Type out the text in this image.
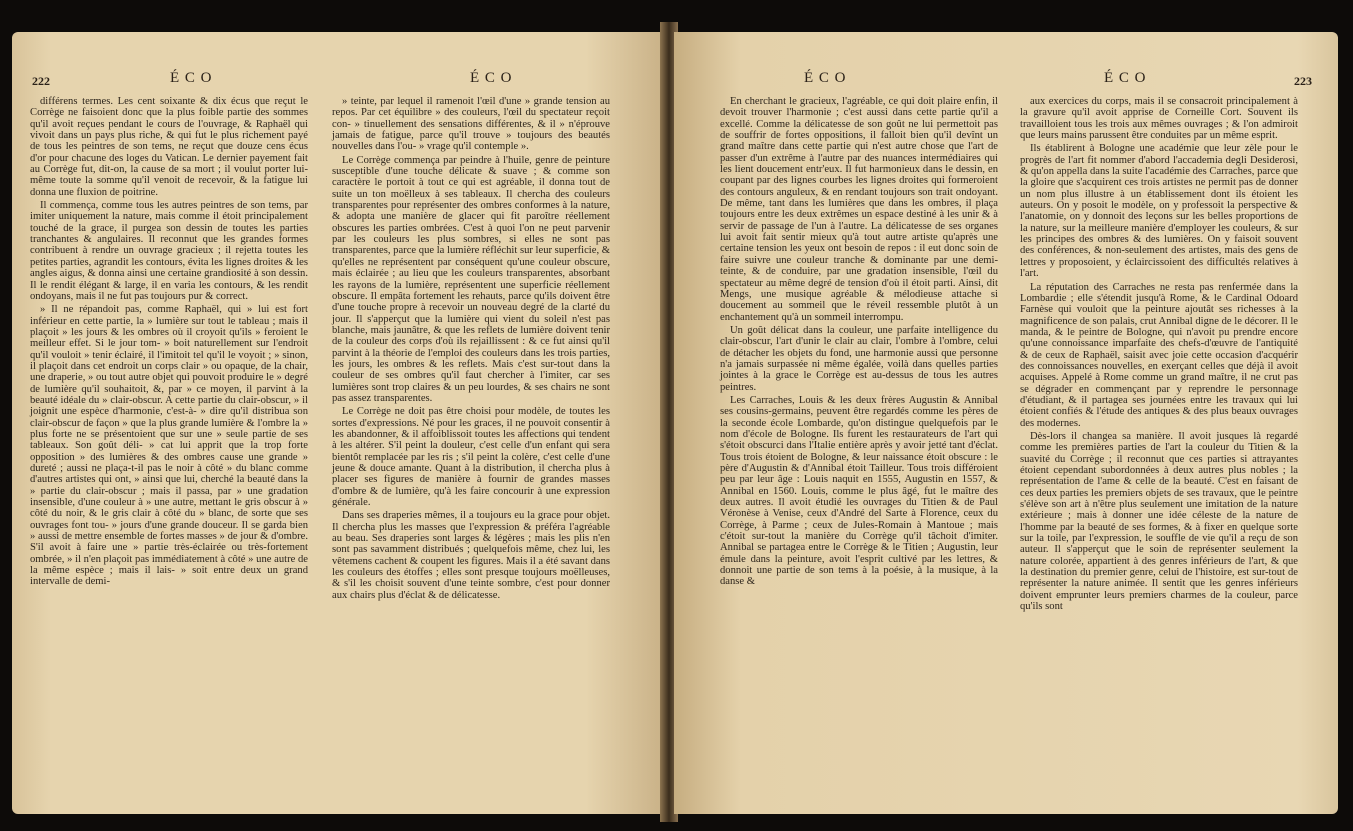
222	É C O	É C O

différens termes. Les cent soixante & dix écus que reçut le Corrège ne faisoient donc que la plus foible partie des sommes qu'il avoit reçues pendant le cours de l'ouvrage, & Raphaël qui vivoit dans un pays plus riche, & qui fut le plus richement payé de tous les peintres de son tems, ne reçut que douze cens écus d'or pour chacune des loges du Vatican. Le dernier payement fait au Corrège fut, dit-on, la cause de sa mort ; il voulut porter lui-même toute la somme qu'il venoit de recevoir, & la fatigue lui donna une fluxion de poitrine.

Il commença, comme tous les autres peintres de son tems, par imiter uniquement la nature, mais comme il étoit principalement touché de la grace, il purgea son dessin de toutes les parties tranchantes & angulaires. Il reconnut que les grandes formes contribuent à rendre un ouvrage gracieux ; il rejetta toutes les petites parties, agrandit les contours, évita les lignes droites & les angles aigus, & donna ainsi une certaine grandiosité à son dessin. Il le rendit élégant & large, il en varia les contours, & les rendit ondoyans, mais il ne fut pas toujours pur & correct.

» Il ne répandoit pas, comme Raphaël, qui » lui est fort inférieur en cette partie, la » lumière sur tout le tableau ; mais il plaçoit » les jours & les ombres où il croyoit qu'ils » feroient le meilleur effet. Si le jour tom- » boit naturellement sur l'endroit qu'il vouloit » tenir éclairé, il l'imitoit tel qu'il le voyoit ; » sinon, il plaçoit dans cet endroit un corps clair » ou opaque, de la chair, une draperie, » ou tout autre objet qui pouvoit produire le » degré de lumière qu'il souhaitoit, &, par » ce moyen, il parvint à la beauté idéale du » clair-obscur. A cette partie du clair-obscur, » il joignit une espèce d'harmonie, c'est-à- » dire qu'il distribua son clair-obscur de façon » que la plus grande lumière & l'ombre la » plus forte ne se présentoient que sur une » seule partie de ses tableaux. Son goût déli- » cat lui apprit que la trop forte opposition » des lumières & des ombres cause une grande » dureté ; aussi ne plaça-t-il pas le noir à côté » du blanc comme d'autres artistes qui ont, » ainsi que lui, cherché la beauté dans la » partie du clair-obscur ; mais il passa, par » une gradation insensible, d'une couleur à » une autre, mettant le gris obscur à » côté du noir, & le gris clair à côté du » blanc, de sorte que ses ouvrages font tou- » jours d'une grande douceur. Il se garda bien » aussi de mettre ensemble de fortes masses » de jour & d'ombre. S'il avoit à faire une » partie très-éclairée ou très-fortement ombrée, » il n'en plaçoit pas immédiatement à côté » une autre de la même espèce ; mais il lais- » soit entre deux un grand intervalle de demi-

» teinte, par lequel il ramenoit l'œil d'une » grande tension au repos. Par cet équilibre » des couleurs, l'œil du spectateur reçoit con- » tinuellement des sensations différentes, & il » n'éprouve jamais de fatigue, parce qu'il trouve » toujours des beautés nouvelles dans l'ou- » vrage qu'il contemple ».

Le Corrège commença par peindre à l'huile, genre de peinture susceptible d'une touche délicate & suave ; & comme son caractère le portoit à tout ce qui est agréable, il donna tout de suite un ton moëlleux à ses tableaux. Il chercha des couleurs transparentes pour représenter des ombres conformes à la nature, & adopta une manière de glacer qui fit paroître réellement obscures les parties ombrées. C'est à quoi l'on ne peut parvenir par les couleurs les plus sombres, si elles ne sont pas transparentes, parce que la lumière réfléchit sur leur superficie, & qu'elles ne représentent par conséquent qu'une couleur obscure, mais éclairée ; au lieu que les couleurs transparentes, absorbant les rayons de la lumière, représentent une superficie réellement obscure. Il empâta fortement les rehauts, parce qu'ils doivent être d'une touche propre à recevoir un nouveau degré de la clarté du jour. Il s'apperçut que la lumière qui vient du soleil n'est pas blanche, mais jaunâtre, & que les reflets de lumière doivent tenir de la couleur des corps d'où ils rejaillissent : & ce fut ainsi qu'il parvint à la théorie de l'emploi des couleurs dans les trois parties, les jours, les ombres & les reflets. Mais c'est sur-tout dans la couleur de ses ombres qu'il faut chercher à l'imiter, car ses lumières sont trop claires & un peu lourdes, & ses chairs ne sont pas assez transparentes.

Le Corrège ne doit pas être choisi pour modèle, de toutes les sortes d'expressions. Né pour les graces, il ne pouvoit consentir à les abandonner, & il affoiblissoit toutes les affections qui tendent à les altérer. S'il peint la douleur, c'est celle d'un enfant qui sera bientôt remplacée par les ris ; s'il peint la colère, c'est celle d'une jeune & douce amante. Quant à la distribution, il chercha plus à placer ses figures de manière à fournir de grandes masses d'ombre & de lumière, qu'à les faire concourir à une expression générale.

Dans ses draperies mêmes, il a toujours eu la grace pour objet. Il chercha plus les masses que l'expression & préféra l'agréable au beau. Ses draperies sont larges & légères ; mais les plis n'en sont pas savamment distribués ; quelquefois même, chez lui, les vêtemens cachent & coupent les figures. Mais il a été savant dans les couleurs des étoffes ; elles sont presque toujours moëlleuses, & s'il les choisit souvent d'une teinte sombre, c'est pour donner aux chairs plus d'éclat & de délicatesse.

É C O	É C O	223

En cherchant le gracieux, l'agréable, ce qui doit plaire enfin, il devoit trouver l'harmonie ; c'est aussi dans cette partie qu'il a excellé. Comme la délicatesse de son goût ne lui permettoit pas de souffrir de fortes oppositions, il falloit bien qu'il devînt un grand maître dans cette partie qui n'est autre chose que l'art de passer d'un extrême à l'autre par des nuances intermédiaires qui les lient doucement entr'eux. Il fut harmonieux dans le dessin, en coupant par des lignes courbes les lignes droites qui formeroient des contours anguleux, & en rendant toujours son trait ondoyant. De même, tant dans les lumières que dans les ombres, il plaça toujours entre les deux extrêmes un espace destiné à les unir & à servir de passage de l'un à l'autre. La délicatesse de ses organes lui avoit fait sentir mieux qu'à tout autre artiste qu'après une certaine tension les yeux ont besoin de repos : il eut donc soin de faire suivre une couleur tranche & dominante par une demi-teinte, & de conduire, par une gradation insensible, l'œil du spectateur au même degré de tension d'où il étoit parti. Ainsi, dit Mengs, une musique agréable & mélodieuse attache si doucement au sommeil que le réveil ressemble plutôt à un enchantement qu'à un sommeil interrompu.

Un goût délicat dans la couleur, une parfaite intelligence du clair-obscur, l'art d'unir le clair au clair, l'ombre à l'ombre, celui de détacher les objets du fond, une harmonie aussi que personne n'a jamais surpassée ni même égalée, voilà dans quelles parties jointes à la grace le Corrège est au-dessus de tous les autres peintres.

Les Carraches, Louis & les deux frères Augustin & Annibal ses cousins-germains, peuvent être regardés comme les pères de la seconde école Lombarde, qu'on distingue quelquefois par le nom d'école de Bologne. Ils furent les restaurateurs de l'art qui s'étoit obscurci dans l'Italie entière après y avoir jetté tant d'éclat. Tous trois étoient de Bologne, & leur naissance étoit obscure : le père d'Augustin & d'Annibal étoit Tailleur. Tous trois différoient peu par leur âge : Louis naquit en 1555, Augustin en 1557, & Annibal en 1560. Louis, comme le plus âgé, fut le maître des deux autres. Il avoit étudié les ouvrages du Titien & de Paul Véronèse à Venise, ceux d'André del Sarte à Florence, ceux du Corrège, à Parme ; ceux de Jules-Romain à Mantoue ; mais c'étoit sur-tout la manière du Corrège qu'il tâchoit d'imiter. Annibal se partagea entre le Corrège & le Titien ; Augustin, leur émule dans la peinture, avoit l'esprit cultivé par les lettres, & donnoit une partie de son tems à la poésie, à la musique, à la danse &

aux exercices du corps, mais il se consacroit principalement à la gravure qu'il avoit apprise de Corneille Cort. Souvent ils travailloient tous les trois aux mêmes ouvrages ; & l'on admiroit que leurs mains parussent être conduites par un même esprit.

Ils établirent à Bologne une académie que leur zèle pour le progrès de l'art fit nommer d'abord l'accademia degli Desiderosi, & qu'on appella dans la suite l'académie des Carraches, parce que la gloire que s'acquirent ces trois artistes ne permit pas de donner un nom plus illustre à un établissement dont ils étoient les auteurs. On y posoit le modèle, on y professoit la perspective & l'anatomie, on y donnoit des leçons sur les belles proportions de la nature, sur la meilleure manière d'employer les couleurs, & sur les principes des ombres & des lumières. On y faisoit souvent des conférences, & non-seulement des artistes, mais des gens de lettres y proposoient, y éclaircissoient des difficultés relatives à l'art.

La réputation des Carraches ne resta pas renfermée dans la Lombardie ; elle s'étendit jusqu'à Rome, & le Cardinal Odoard Farnèse qui vouloit que la peinture ajoutât ses richesses à la magnificence de son palais, crut Annibal digne de le décorer. Il le manda, & le peintre de Bologne, qui n'avoit pu prendre encore qu'une connoissance imparfaite des chefs-d'œuvre de l'antiquité & de ceux de Raphaël, saisit avec joie cette occasion d'acquérir des connoissances nouvelles, en exerçant celles que déjà il avoit acquises. Appelé à Rome comme un grand maître, il ne crut pas se dégrader en commençant par y reprendre le personnage d'étudiant, & il partagea ses journées entre les travaux qui lui étoient confiés & l'étude des antiques & des plus beaux ouvrages des modernes.

Dès-lors il changea sa manière. Il avoit jusques là regardé comme les premières parties de l'art la couleur du Titien & la suavité du Corrège ; il reconnut que ces parties si attrayantes étoient cependant subordonnées à deux autres plus nobles ; la représentation de l'ame & celle de la beauté. C'est en faisant de ces deux parties les premiers objets de ses travaux, que le peintre s'élève son art à n'être plus seulement une imitation de la nature extérieure ; mais à donner une idée céleste de la nature de l'homme par la beauté de ses formes, & à fixer en quelque sorte sur la toile, par l'expression, le souffle de vie qu'il a reçu de son auteur. Il s'apperçut que le soin de représenter seulement la nature colorée, appartient à des genres inférieurs de l'art, & que la destination du premier genre, celui de l'histoire, est sur-tout de représenter la nature animée. Il sentit que les genres inférieurs doivent emprunter leurs premiers charmes de la couleur, parce qu'ils sont
